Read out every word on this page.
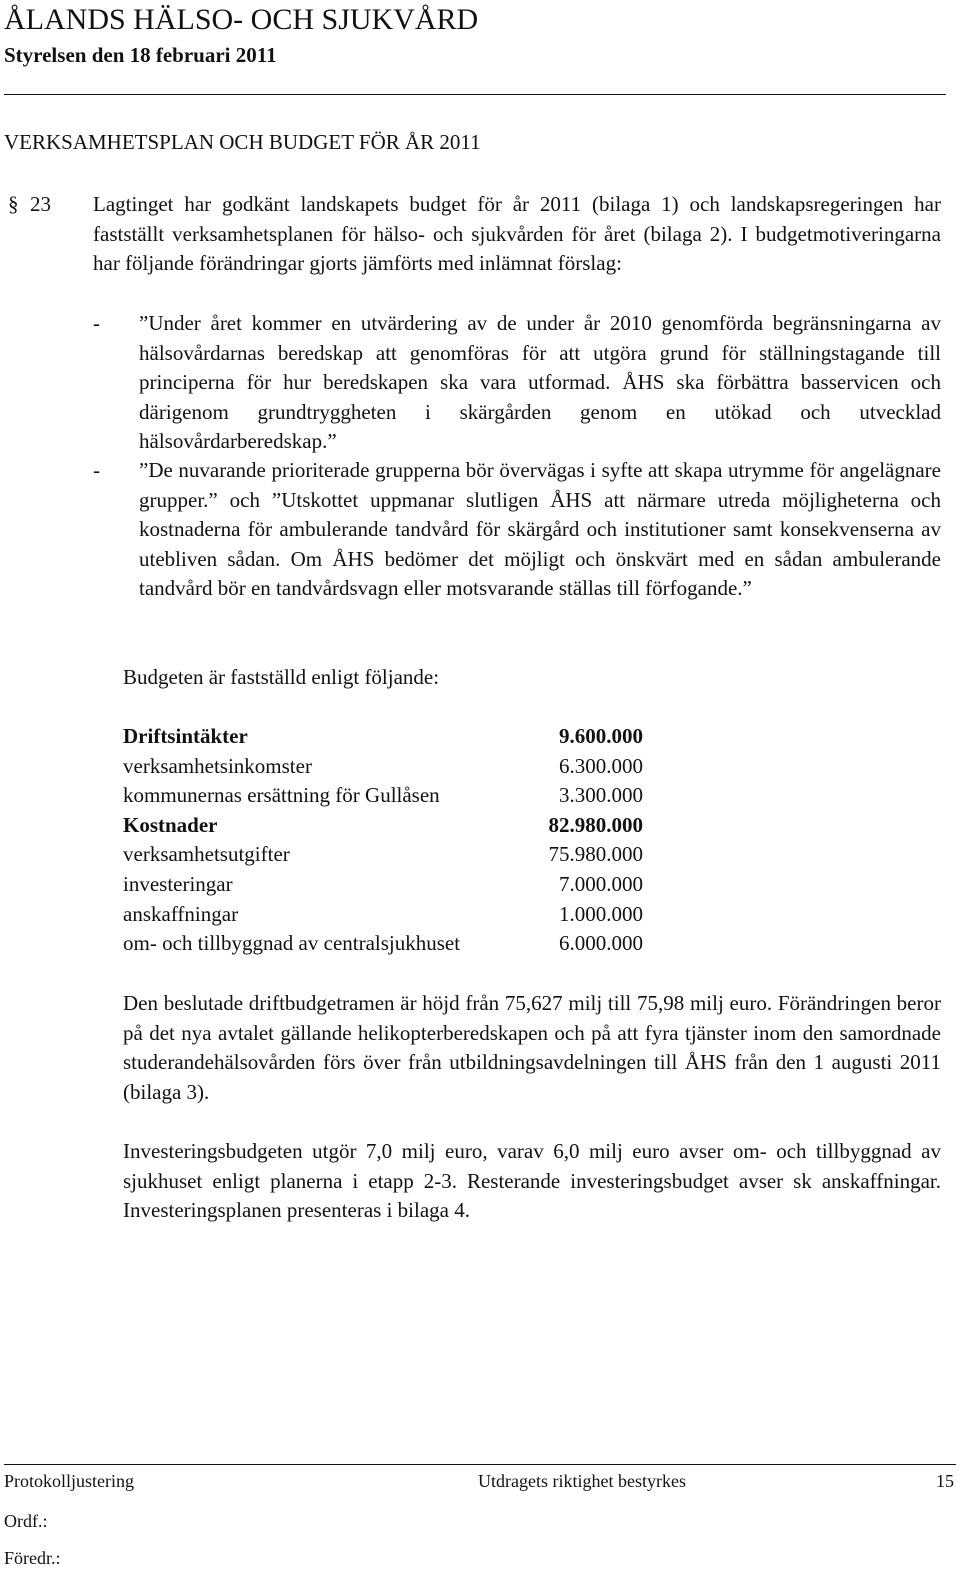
ÅLANDS HÄLSO- OCH SJUKVÅRD
Styrelsen den 18 februari 2011
VERKSAMHETSPLAN OCH BUDGET FÖR ÅR 2011
§ 23 Lagtinget har godkänt landskapets budget för år 2011 (bilaga 1) och landskapsregeringen har fastställt verksamhetsplanen för hälso- och sjukvården för året (bilaga 2). I budgetmotiveringarna har följande förändringar gjorts jämförts med inlämnat förslag:
- ”Under året kommer en utvärdering av de under år 2010 genomförda begränsningarna av hälsovårdarnas beredskap att genomföras för att utgöra grund för ställningstagande till principerna för hur beredskapen ska vara utformad. ÅHS ska förbättra basservicen och därigenom grundtryggheten i skärgården genom en utökad och utvecklad hälsovårdarberedskap.”
- ”De nuvarande prioriterade grupperna bör övervägas i syfte att skapa utrymme för angelägnare grupper.” och ”Utskottet uppmanar slutligen ÅHS att närmare utreda möjligheterna och kostnaderna för ambulerande tandvård för skärgård och institutioner samt konsekvenserna av utebliven sådan. Om ÅHS bedömer det möjligt och önskvärt med en sådan ambulerande tandvård bör en tandvårdsvagn eller motsvarande ställas till förfogande.”
Budgeten är fastställd enligt följande:
Driftsintäkter	9.600.000
verksamhetsinkomster	6.300.000
kommunernas ersättning för Gullåsen	3.300.000
Kostnader	82.980.000
verksamhetsutgifter	75.980.000
investeringar	7.000.000
anskaffningar	1.000.000
om- och tillbyggnad av centralsjukhuset	6.000.000
Den beslutade driftbudgetramen är höjd från 75,627 milj till 75,98 milj euro. Förändringen beror på det nya avtalet gällande helikopterberedskapen och på att fyra tjänster inom den samordnade studerandehälsovården förs över från utbildningsavdelningen till ÅHS från den 1 augusti 2011 (bilaga 3).
Investeringsbudgeten utgör 7,0 milj euro, varav 6,0 milj euro avser om- och tillbyggnad av sjukhuset enligt planerna i etapp 2-3. Resterande investeringsbudget avser sk anskaffningar. Investeringsplanen presenteras i bilaga 4.
Protokolljustering	Utdragets riktighet bestyrkes	15
Ordf.:
Föredr.:
